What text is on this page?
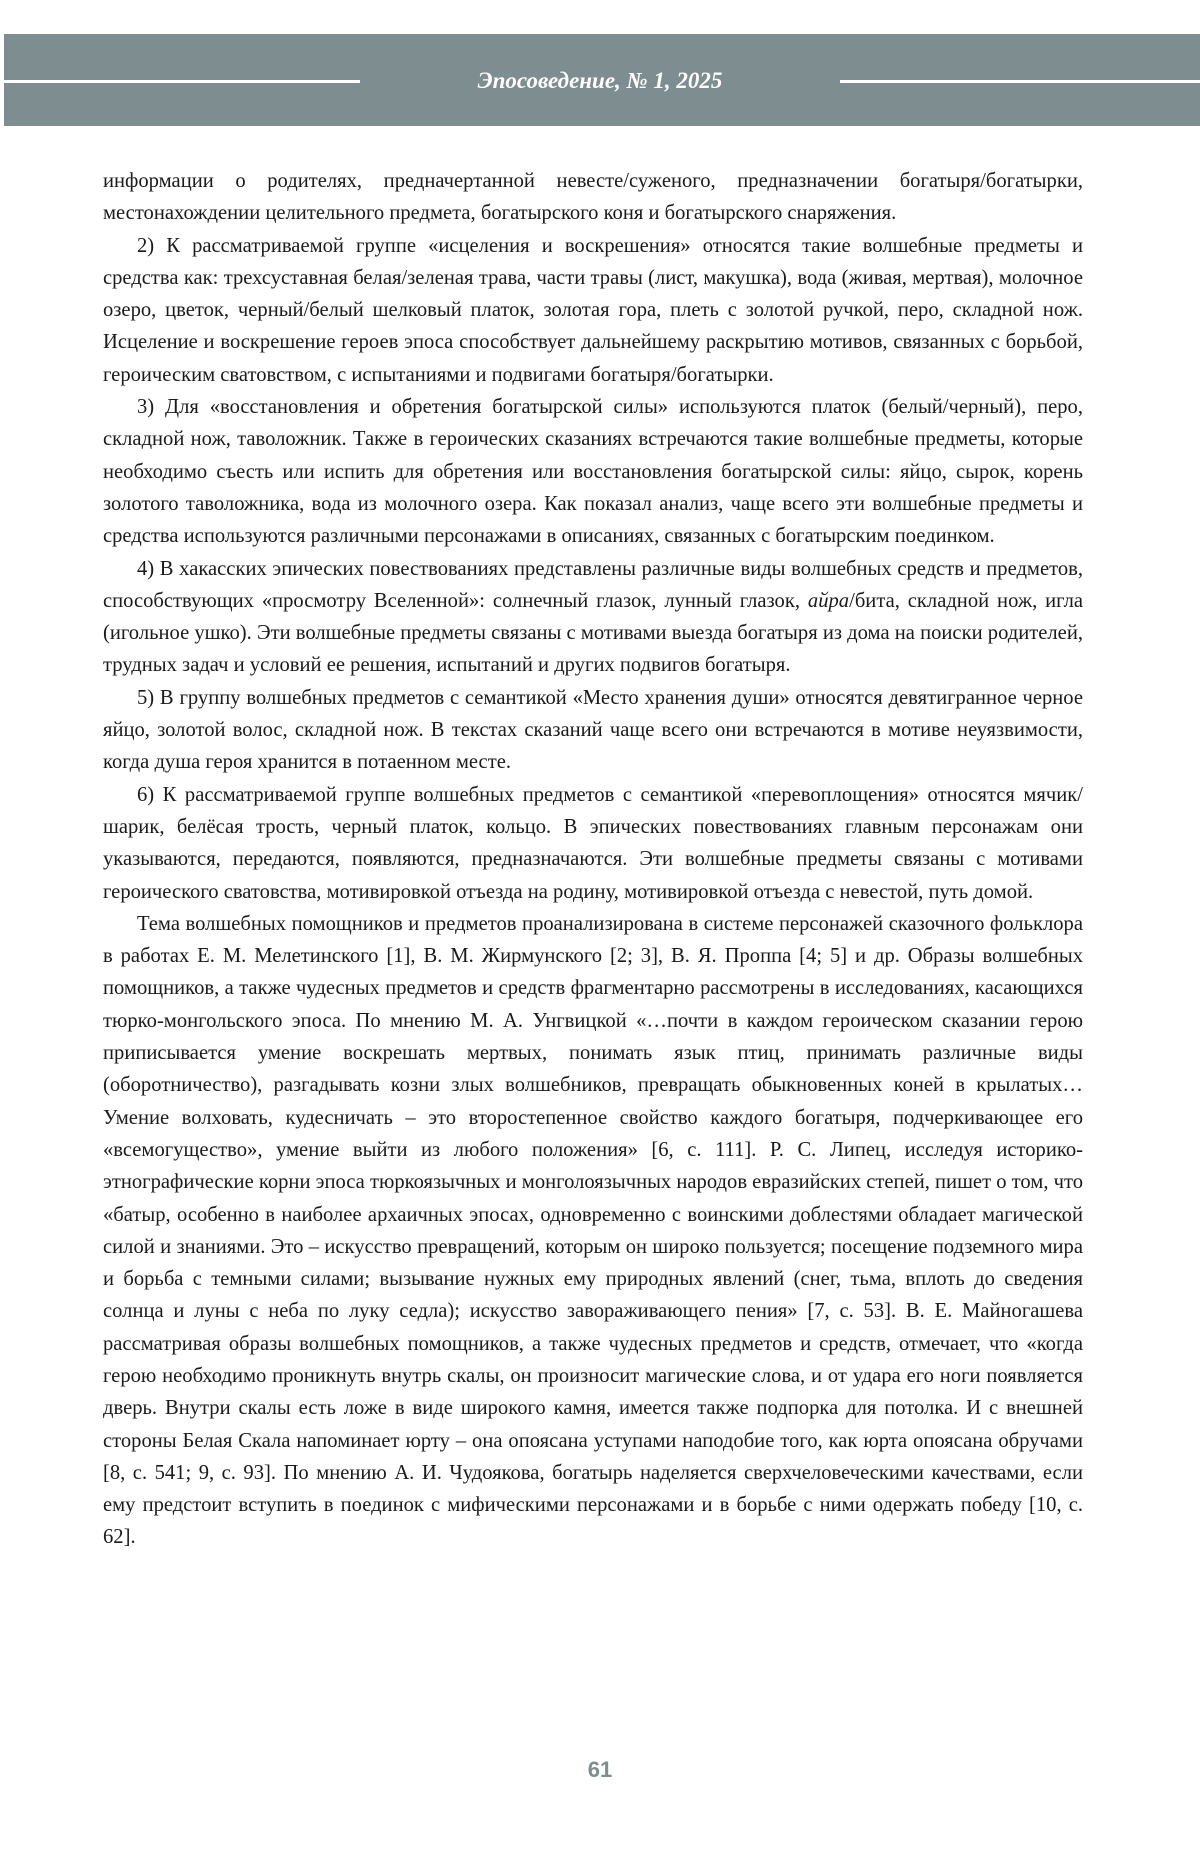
Эпосоведение, № 1, 2025

информации о родителях, предначертанной невесте/суженого, предназначении богатыря/богатырки, местонахождении целительного предмета, богатырского коня и богатырского снаряжения.

2) К рассматриваемой группе «исцеления и воскрешения» относятся такие волшебные предметы и средства как: трехсуставная белая/зеленая трава, части травы (лист, макушка), вода (живая, мертвая), молочное озеро, цветок, черный/белый шелковый платок, золотая гора, плеть с золотой ручкой, перо, складной нож. Исцеление и воскрешение героев эпоса способствует дальнейшему раскрытию мотивов, связанных с борьбой, героическим сватовством, с испытаниями и подвигами богатыря/богатырки.

3) Для «восстановления и обретения богатырской силы» используются платок (белый/черный), перо, складной нож, таволожник. Также в героических сказаниях встречаются такие волшебные предметы, которые необходимо съесть или испить для обретения или восстановления богатырской силы: яйцо, сырок, корень золотого таволожника, вода из молочного озера. Как показал анализ, чаще всего эти волшебные предметы и средства используются различными персонажами в описаниях, связанных с богатырским поединком.

4) В хакасских эпических повествованиях представлены различные виды волшебных средств и предметов, способствующих «просмотру Вселенной»: солнечный глазок, лунный глазок, айра/бита, складной нож, игла (игольное ушко). Эти волшебные предметы связаны с мотивами выезда богатыря из дома на поиски родителей, трудных задач и условий ее решения, испытаний и других подвигов богатыря.

5) В группу волшебных предметов с семантикой «Место хранения души» относятся девятигранное черное яйцо, золотой волос, складной нож. В текстах сказаний чаще всего они встречаются в мотиве неуязвимости, когда душа героя хранится в потаенном месте.

6) К рассматриваемой группе волшебных предметов с семантикой «перевоплощения» относятся мячик/шарик, белёсая трость, черный платок, кольцо. В эпических повествованиях главным персонажам они указываются, передаются, появляются, предназначаются. Эти волшебные предметы связаны с мотивами героического сватовства, мотивировкой отъезда на родину, мотивировкой отъезда с невестой, путь домой.

Тема волшебных помощников и предметов проанализирована в системе персонажей сказочного фольклора в работах Е. М. Мелетинского [1], В. М. Жирмунского [2; 3], В. Я. Проппа [4; 5] и др. Образы волшебных помощников, а также чудесных предметов и средств фрагментарно рассмотрены в исследованиях, касающихся тюрко-монгольского эпоса. По мнению М. А. Унгвицкой «…почти в каждом героическом сказании герою приписывается умение воскрешать мертвых, понимать язык птиц, принимать различные виды (оборотничество), разгадывать козни злых волшебников, превращать обыкновенных коней в крылатых…Умение волховать, кудесничать – это второстепенное свойство каждого богатыря, подчеркивающее его «всемогущество», умение выйти из любого положения» [6, с. 111]. Р. С. Липец, исследуя историко-этнографические корни эпоса тюркоязычных и монголоязычных народов евразийских степей, пишет о том, что «батыр, особенно в наиболее архаичных эпосах, одновременно с воинскими доблестями обладает магической силой и знаниями. Это – искусство превращений, которым он широко пользуется; посещение подземного мира и борьба с темными силами; вызывание нужных ему природных явлений (снег, тьма, вплоть до сведения солнца и луны с неба по луку седла); искусство завораживающего пения» [7, с. 53]. В. Е. Майногашева рассматривая образы волшебных помощников, а также чудесных предметов и средств, отмечает, что «когда герою необходимо проникнуть внутрь скалы, он произносит магические слова, и от удара его ноги появляется дверь. Внутри скалы есть ложе в виде широкого камня, имеется также подпорка для потолка. И с внешней стороны Белая Скала напоминает юрту – она опоясана уступами наподобие того, как юрта опоясана обручами [8, с. 541; 9, с. 93]. По мнению А. И. Чудоякова, богатырь наделяется сверхчеловеческими качествами, если ему предстоит вступить в поединок с мифическими персонажами и в борьбе с ними одержать победу [10, с. 62].

61
